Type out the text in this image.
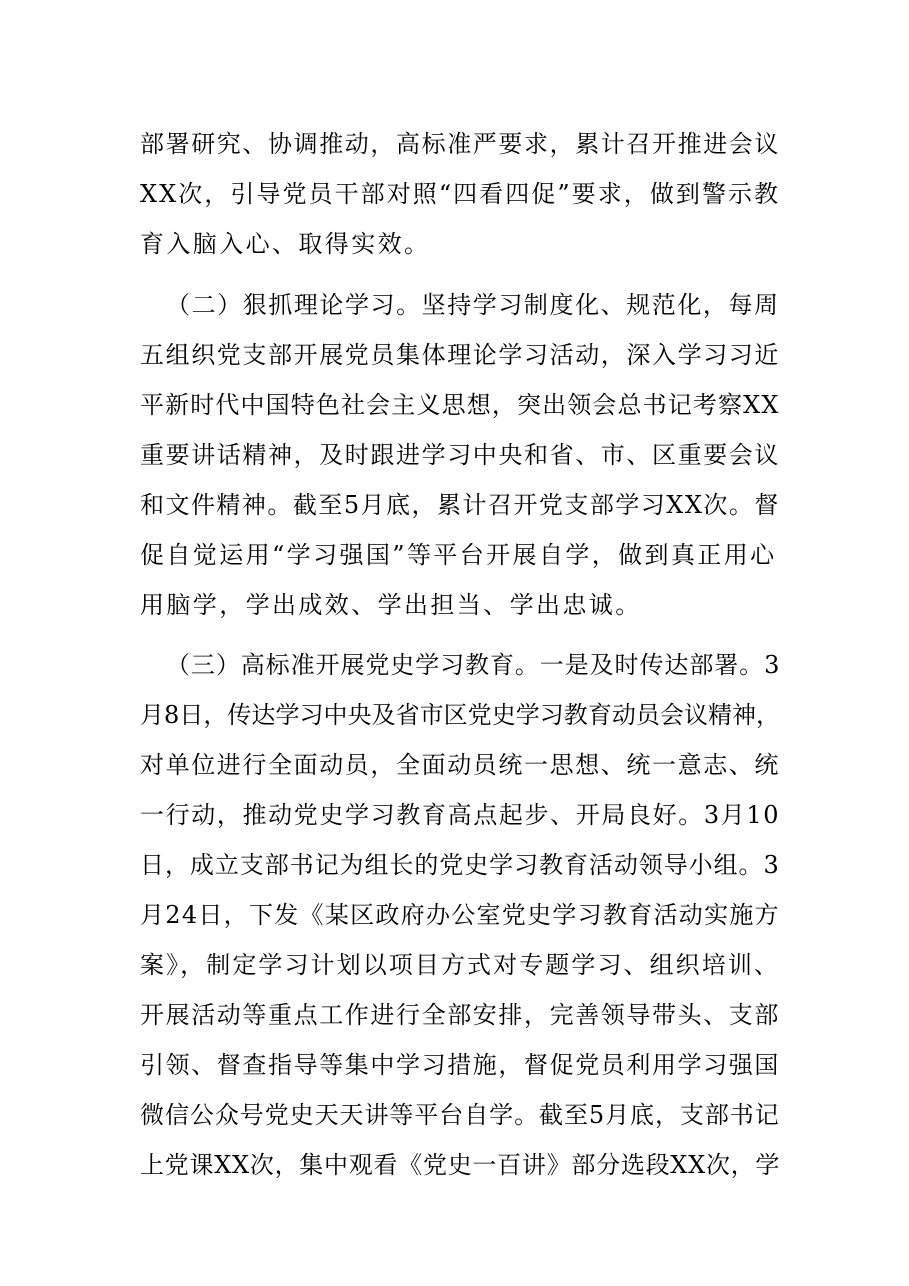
部署研究、协调推动，高标准严要求，累计召开推进会议
XX次，引导党员干部对照“四看四促”要求，做到警示教
育入脑入心、取得实效。
（二）狠抓理论学习。坚持学习制度化、规范化，每周
五组织党支部开展党员集体理论学习活动，深入学习习近
平新时代中国特色社会主义思想，突出领会总书记考察XX
重要讲话精神，及时跟进学习中央和省、市、区重要会议
和文件精神。截至5月底，累计召开党支部学习XX次。督
促自觉运用“学习强国”等平台开展自学，做到真正用心
用脑学，学出成效、学出担当、学出忠诚。
（三）高标准开展党史学习教育。一是及时传达部署。3
月8日，传达学习中央及省市区党史学习教育动员会议精神，
对单位进行全面动员，全面动员统一思想、统一意志、统
一行动，推动党史学习教育高点起步、开局良好。3月10
日，成立支部书记为组长的党史学习教育活动领导小组。3
月24日，下发《某区政府办公室党史学习教育活动实施方
案》，制定学习计划以项目方式对专题学习、组织培训、
开展活动等重点工作进行全部安排，完善领导带头、支部
引领、督查指导等集中学习措施，督促党员利用学习强国
微信公众号党史天天讲等平台自学。截至5月底，支部书记
上党课XX次，集中观看《党史一百讲》部分选段XX次，学
